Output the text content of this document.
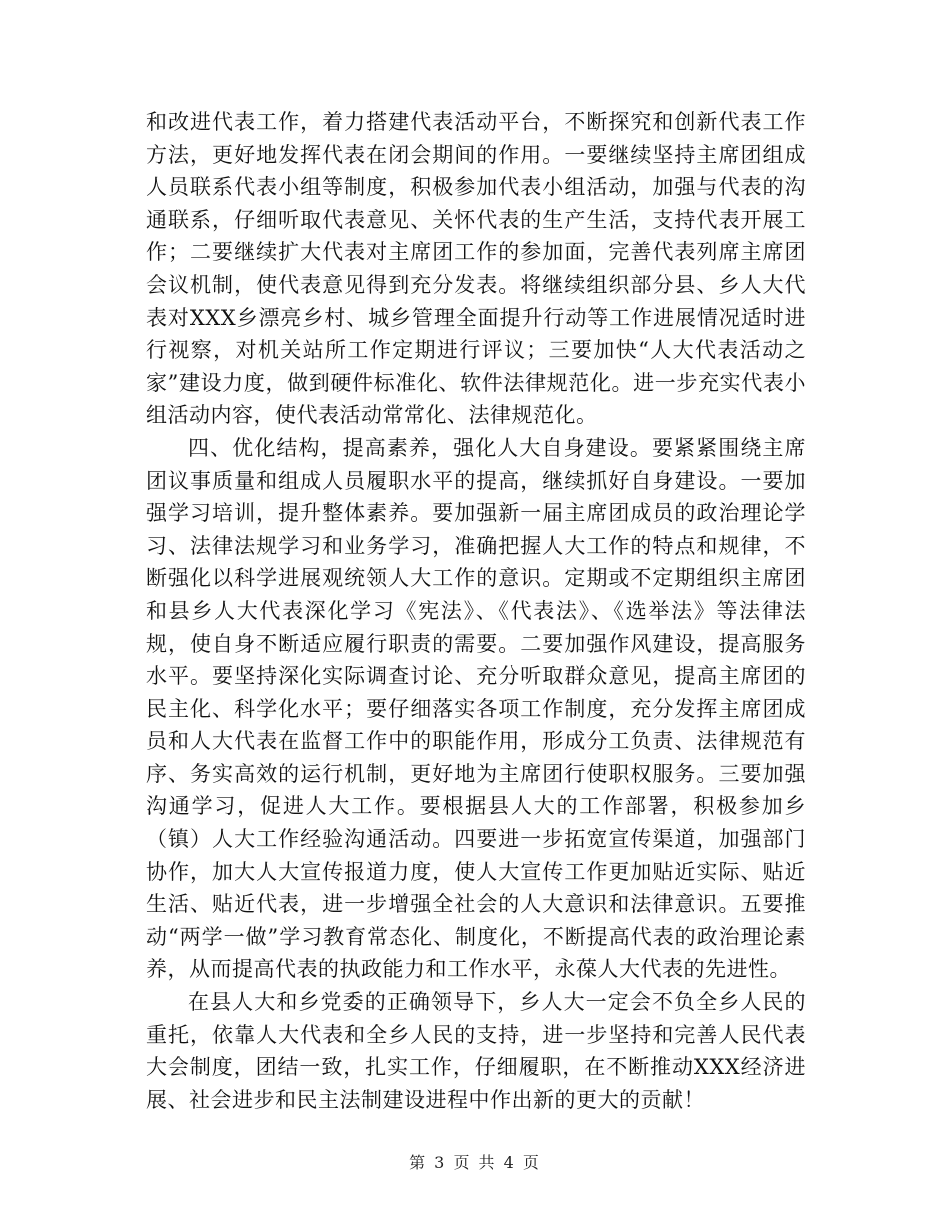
和改进代表工作，着力搭建代表活动平台，不断探究和创新代表工作方法，更好地发挥代表在闭会期间的作用。一要继续坚持主席团组成人员联系代表小组等制度，积极参加代表小组活动，加强与代表的沟通联系，仔细听取代表意见、关怀代表的生产生活，支持代表开展工作；二要继续扩大代表对主席团工作的参加面，完善代表列席主席团会议机制，使代表意见得到充分发表。将继续组织部分县、乡人大代表对XXX乡漂亮乡村、城乡管理全面提升行动等工作进展情况适时进行视察，对机关站所工作定期进行评议；三要加快“人大代表活动之家”建设力度，做到硬件标准化、软件法律规范化。进一步充实代表小组活动内容，使代表活动常常化、法律规范化。

四、优化结构，提高素养，强化人大自身建设。要紧紧围绕主席团议事质量和组成人员履职水平的提高，继续抓好自身建设。一要加强学习培训，提升整体素养。要加强新一届主席团成员的政治理论学习、法律法规学习和业务学习，准确把握人大工作的特点和规律，不断强化以科学进展观统领人大工作的意识。定期或不定期组织主席团和县乡人大代表深化学习《宪法》、《代表法》、《选举法》等法律法规，使自身不断适应履行职责的需要。二要加强作风建设，提高服务水平。要坚持深化实际调查讨论、充分听取群众意见，提高主席团的民主化、科学化水平；要仔细落实各项工作制度，充分发挥主席团成员和人大代表在监督工作中的职能作用，形成分工负责、法律规范有序、务实高效的运行机制，更好地为主席团行使职权服务。三要加强沟通学习，促进人大工作。要根据县人大的工作部署，积极参加乡（镇）人大工作经验沟通活动。四要进一步拓宽宣传渠道，加强部门协作，加大人大宣传报道力度，使人大宣传工作更加贴近实际、贴近生活、贴近代表，进一步增强全社会的人大意识和法律意识。五要推动“两学一做”学习教育常态化、制度化，不断提高代表的政治理论素养，从而提高代表的执政能力和工作水平，永葆人大代表的先进性。

在县人大和乡党委的正确领导下，乡人大一定会不负全乡人民的重托，依靠人大代表和全乡人民的支持，进一步坚持和完善人民代表大会制度，团结一致，扎实工作，仔细履职，在不断推动XXX经济进展、社会进步和民主法制建设进程中作出新的更大的贡献！

第 3 页 共 4 页
